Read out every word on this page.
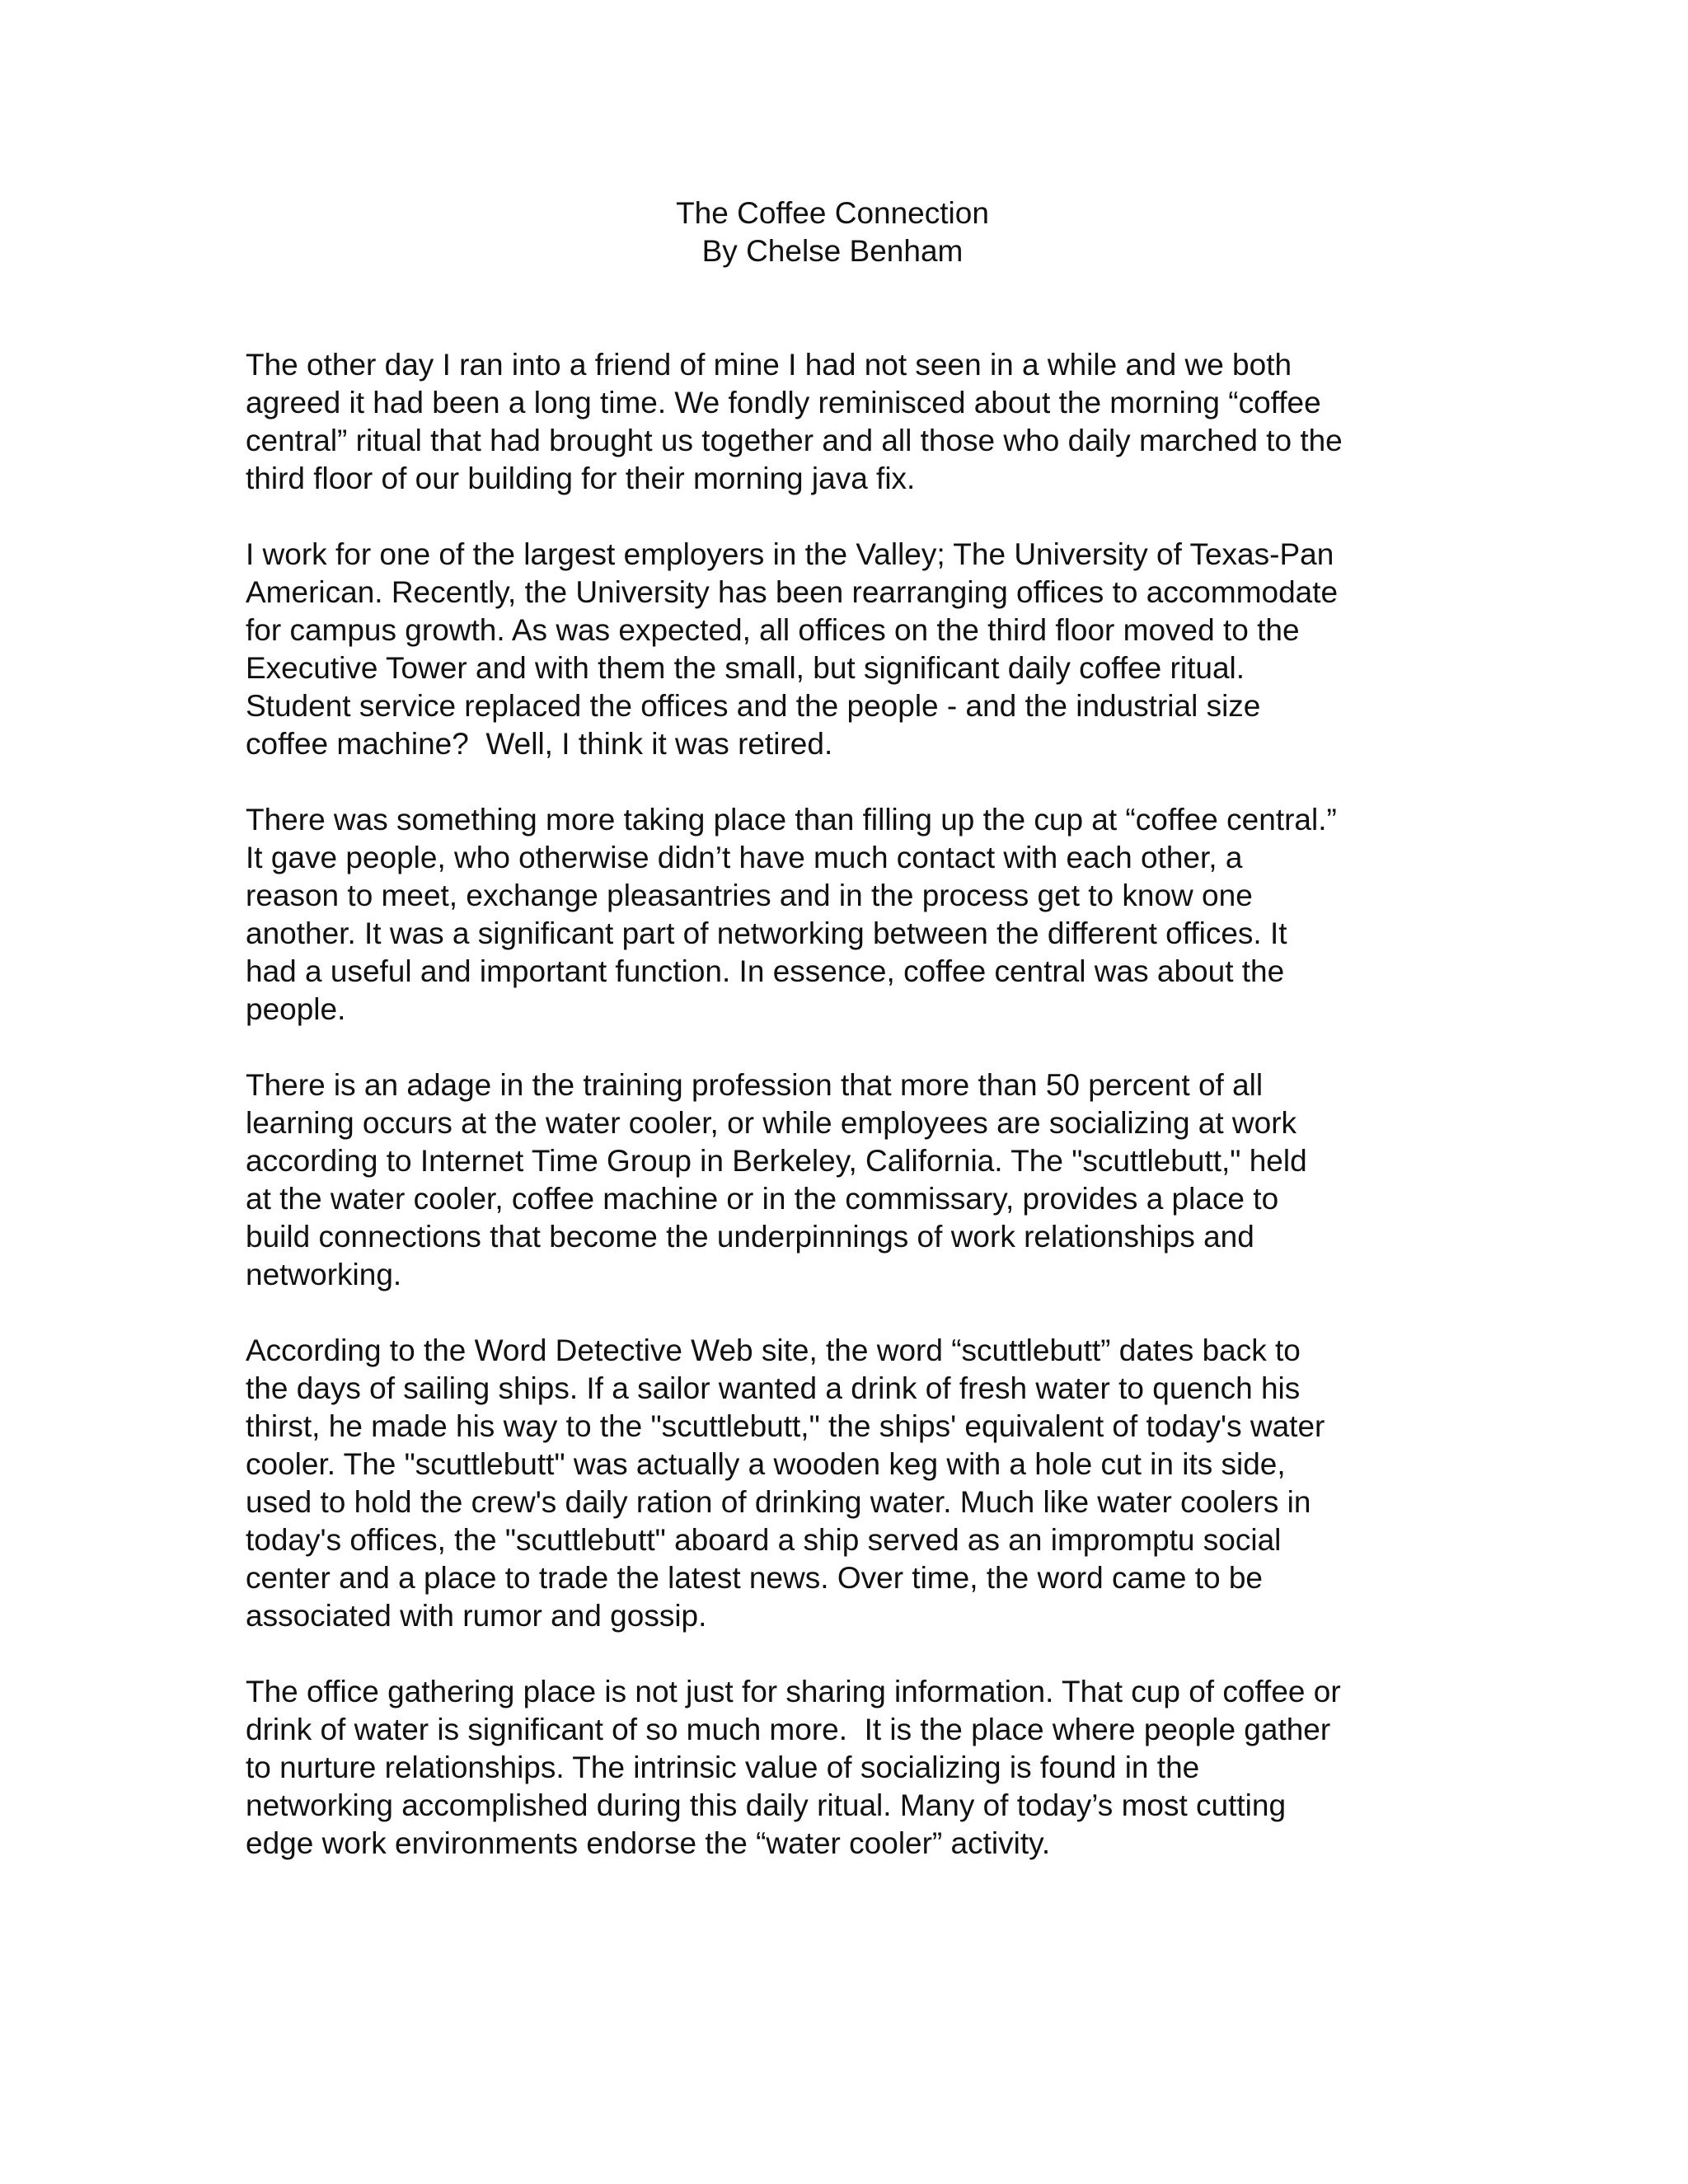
The Coffee Connection
By Chelse Benham

The other day I ran into a friend of mine I had not seen in a while and we both
agreed it had been a long time. We fondly reminisced about the morning “coffee
central” ritual that had brought us together and all those who daily marched to the
third floor of our building for their morning java fix.

I work for one of the largest employers in the Valley; The University of Texas-Pan
American. Recently, the University has been rearranging offices to accommodate
for campus growth. As was expected, all offices on the third floor moved to the
Executive Tower and with them the small, but significant daily coffee ritual.
Student service replaced the offices and the people - and the industrial size
coffee machine?  Well, I think it was retired.

There was something more taking place than filling up the cup at “coffee central.”
It gave people, who otherwise didn’t have much contact with each other, a
reason to meet, exchange pleasantries and in the process get to know one
another. It was a significant part of networking between the different offices. It
had a useful and important function. In essence, coffee central was about the
people.

There is an adage in the training profession that more than 50 percent of all
learning occurs at the water cooler, or while employees are socializing at work
according to Internet Time Group in Berkeley, California. The "scuttlebutt," held
at the water cooler, coffee machine or in the commissary, provides a place to
build connections that become the underpinnings of work relationships and
networking.

According to the Word Detective Web site, the word “scuttlebutt” dates back to
the days of sailing ships. If a sailor wanted a drink of fresh water to quench his
thirst, he made his way to the "scuttlebutt," the ships' equivalent of today's water
cooler. The "scuttlebutt" was actually a wooden keg with a hole cut in its side,
used to hold the crew's daily ration of drinking water. Much like water coolers in
today's offices, the "scuttlebutt" aboard a ship served as an impromptu social
center and a place to trade the latest news. Over time, the word came to be
associated with rumor and gossip.

The office gathering place is not just for sharing information. That cup of coffee or
drink of water is significant of so much more.  It is the place where people gather
to nurture relationships. The intrinsic value of socializing is found in the
networking accomplished during this daily ritual. Many of today’s most cutting
edge work environments endorse the “water cooler” activity.
